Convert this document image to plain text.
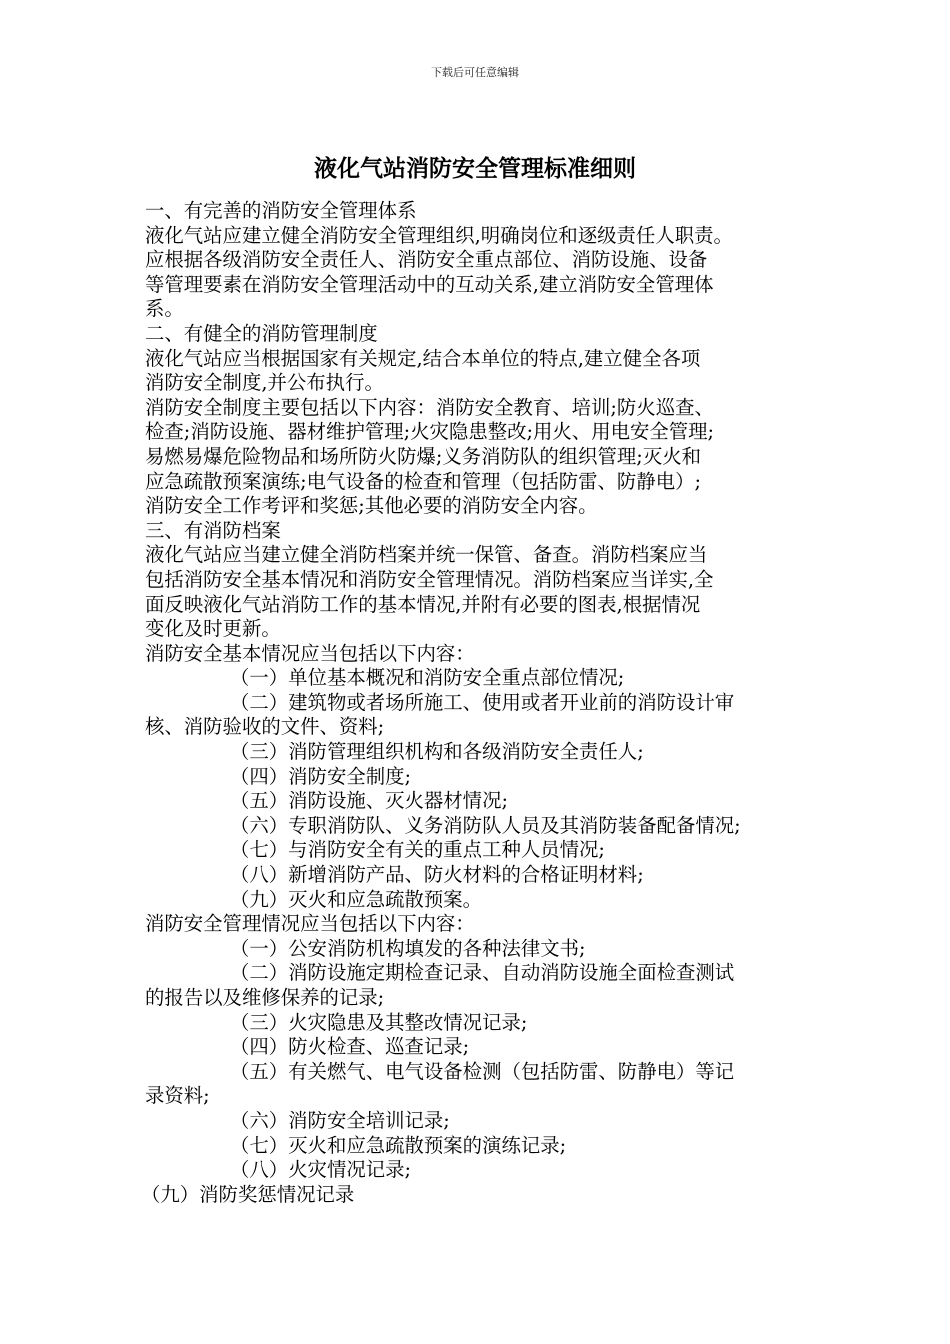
下载后可任意编辑
液化气站消防安全管理标准细则
一、有完善的消防安全管理体系
液化气站应建立健全消防安全管理组织,明确岗位和逐级责任人职责。
应根据各级消防安全责任人、消防安全重点部位、消防设施、设备
等管理要素在消防安全管理活动中的互动关系,建立消防安全管理体
系。
二、有健全的消防管理制度
液化气站应当根据国家有关规定,结合本单位的特点,建立健全各项
消防安全制度,并公布执行。
消防安全制度主要包括以下内容：消防安全教育、培训;防火巡查、
检查;消防设施、器材维护管理;火灾隐患整改;用火、用电安全管理;
易燃易爆危险物品和场所防火防爆;义务消防队的组织管理;灭火和
应急疏散预案演练;电气设备的检查和管理（包括防雷、防静电）;
消防安全工作考评和奖惩;其他必要的消防安全内容。
三、有消防档案
液化气站应当建立健全消防档案并统一保管、备查。消防档案应当
包括消防安全基本情况和消防安全管理情况。消防档案应当详实,全
面反映液化气站消防工作的基本情况,并附有必要的图表,根据情况
变化及时更新。
消防安全基本情况应当包括以下内容：
（一）单位基本概况和消防安全重点部位情况;
（二）建筑物或者场所施工、使用或者开业前的消防设计审
核、消防验收的文件、资料;
（三）消防管理组织机构和各级消防安全责任人;
（四）消防安全制度;
（五）消防设施、灭火器材情况;
（六）专职消防队、义务消防队人员及其消防装备配备情况;
（七）与消防安全有关的重点工种人员情况;
（八）新增消防产品、防火材料的合格证明材料;
（九）灭火和应急疏散预案。
消防安全管理情况应当包括以下内容：
（一）公安消防机构填发的各种法律文书;
（二）消防设施定期检查记录、自动消防设施全面检查测试
的报告以及维修保养的记录;
（三）火灾隐患及其整改情况记录;
（四）防火检查、巡查记录;
（五）有关燃气、电气设备检测（包括防雷、防静电）等记
录资料;
（六）消防安全培训记录;
（七）灭火和应急疏散预案的演练记录;
（八）火灾情况记录;
（九）消防奖惩情况记录
